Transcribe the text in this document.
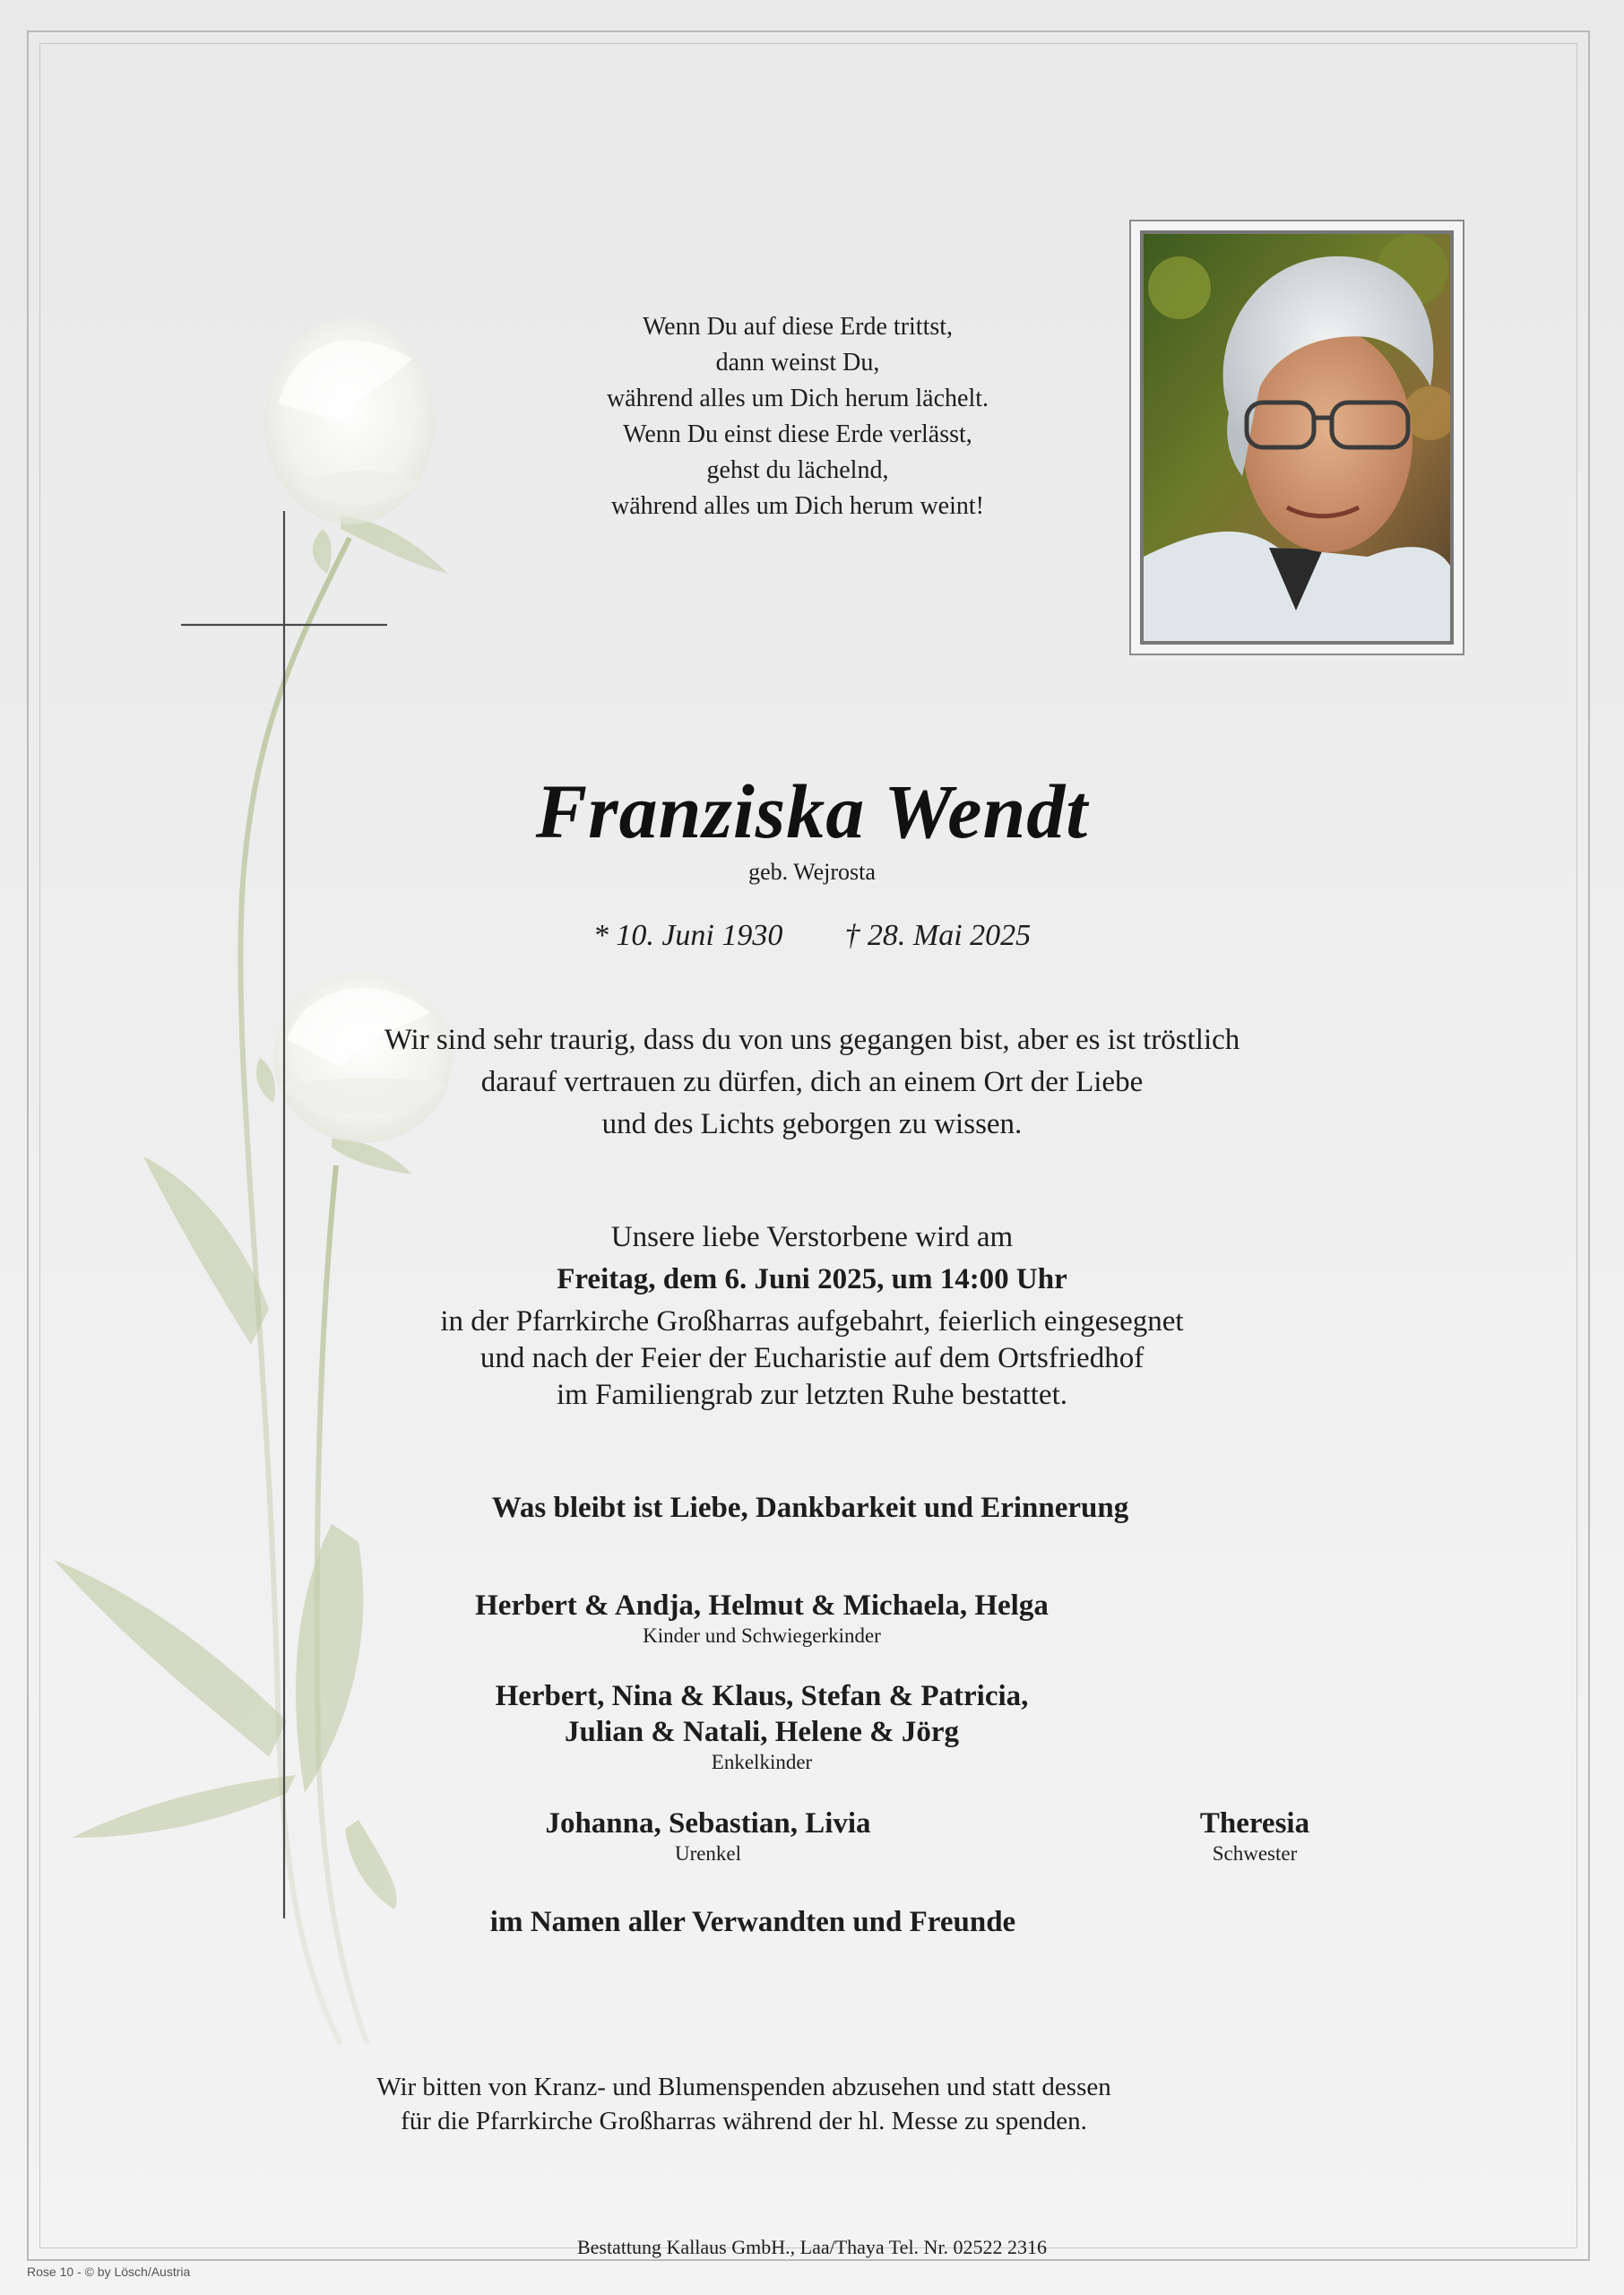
Wenn Du auf diese Erde trittst,
dann weinst Du,
während alles um Dich herum lächelt.
Wenn Du einst diese Erde verlässt,
gehst du lächelnd,
während alles um Dich herum weint!
Franziska Wendt
geb. Wejrosta
* 10. Juni 1930 † 28. Mai 2025
Wir sind sehr traurig, dass du von uns gegangen bist, aber es ist tröstlich
darauf vertrauen zu dürfen, dich an einem Ort der Liebe
und des Lichts geborgen zu wissen.
Unsere liebe Verstorbene wird am
Freitag, dem 6. Juni 2025, um 14:00 Uhr
in der Pfarrkirche Großharras aufgebahrt, feierlich eingesegnet
und nach der Feier der Eucharistie auf dem Ortsfriedhof
im Familiengrab zur letzten Ruhe bestattet.
Was bleibt ist Liebe, Dankbarkeit und Erinnerung
Herbert & Andja, Helmut & Michaela, Helga
Kinder und Schwiegerkinder
Herbert, Nina & Klaus, Stefan & Patricia,
Julian & Natali, Helene & Jörg
Enkelkinder
Johanna, Sebastian, Livia
Urenkel
Theresia
Schwester
im Namen aller Verwandten und Freunde
Wir bitten von Kranz- und Blumenspenden abzusehen und statt dessen
für die Pfarrkirche Großharras während der hl. Messe zu spenden.
Bestattung Kallaus GmbH., Laa/Thaya Tel. Nr. 02522 2316
Rose 10 - © by Lösch/Austria
